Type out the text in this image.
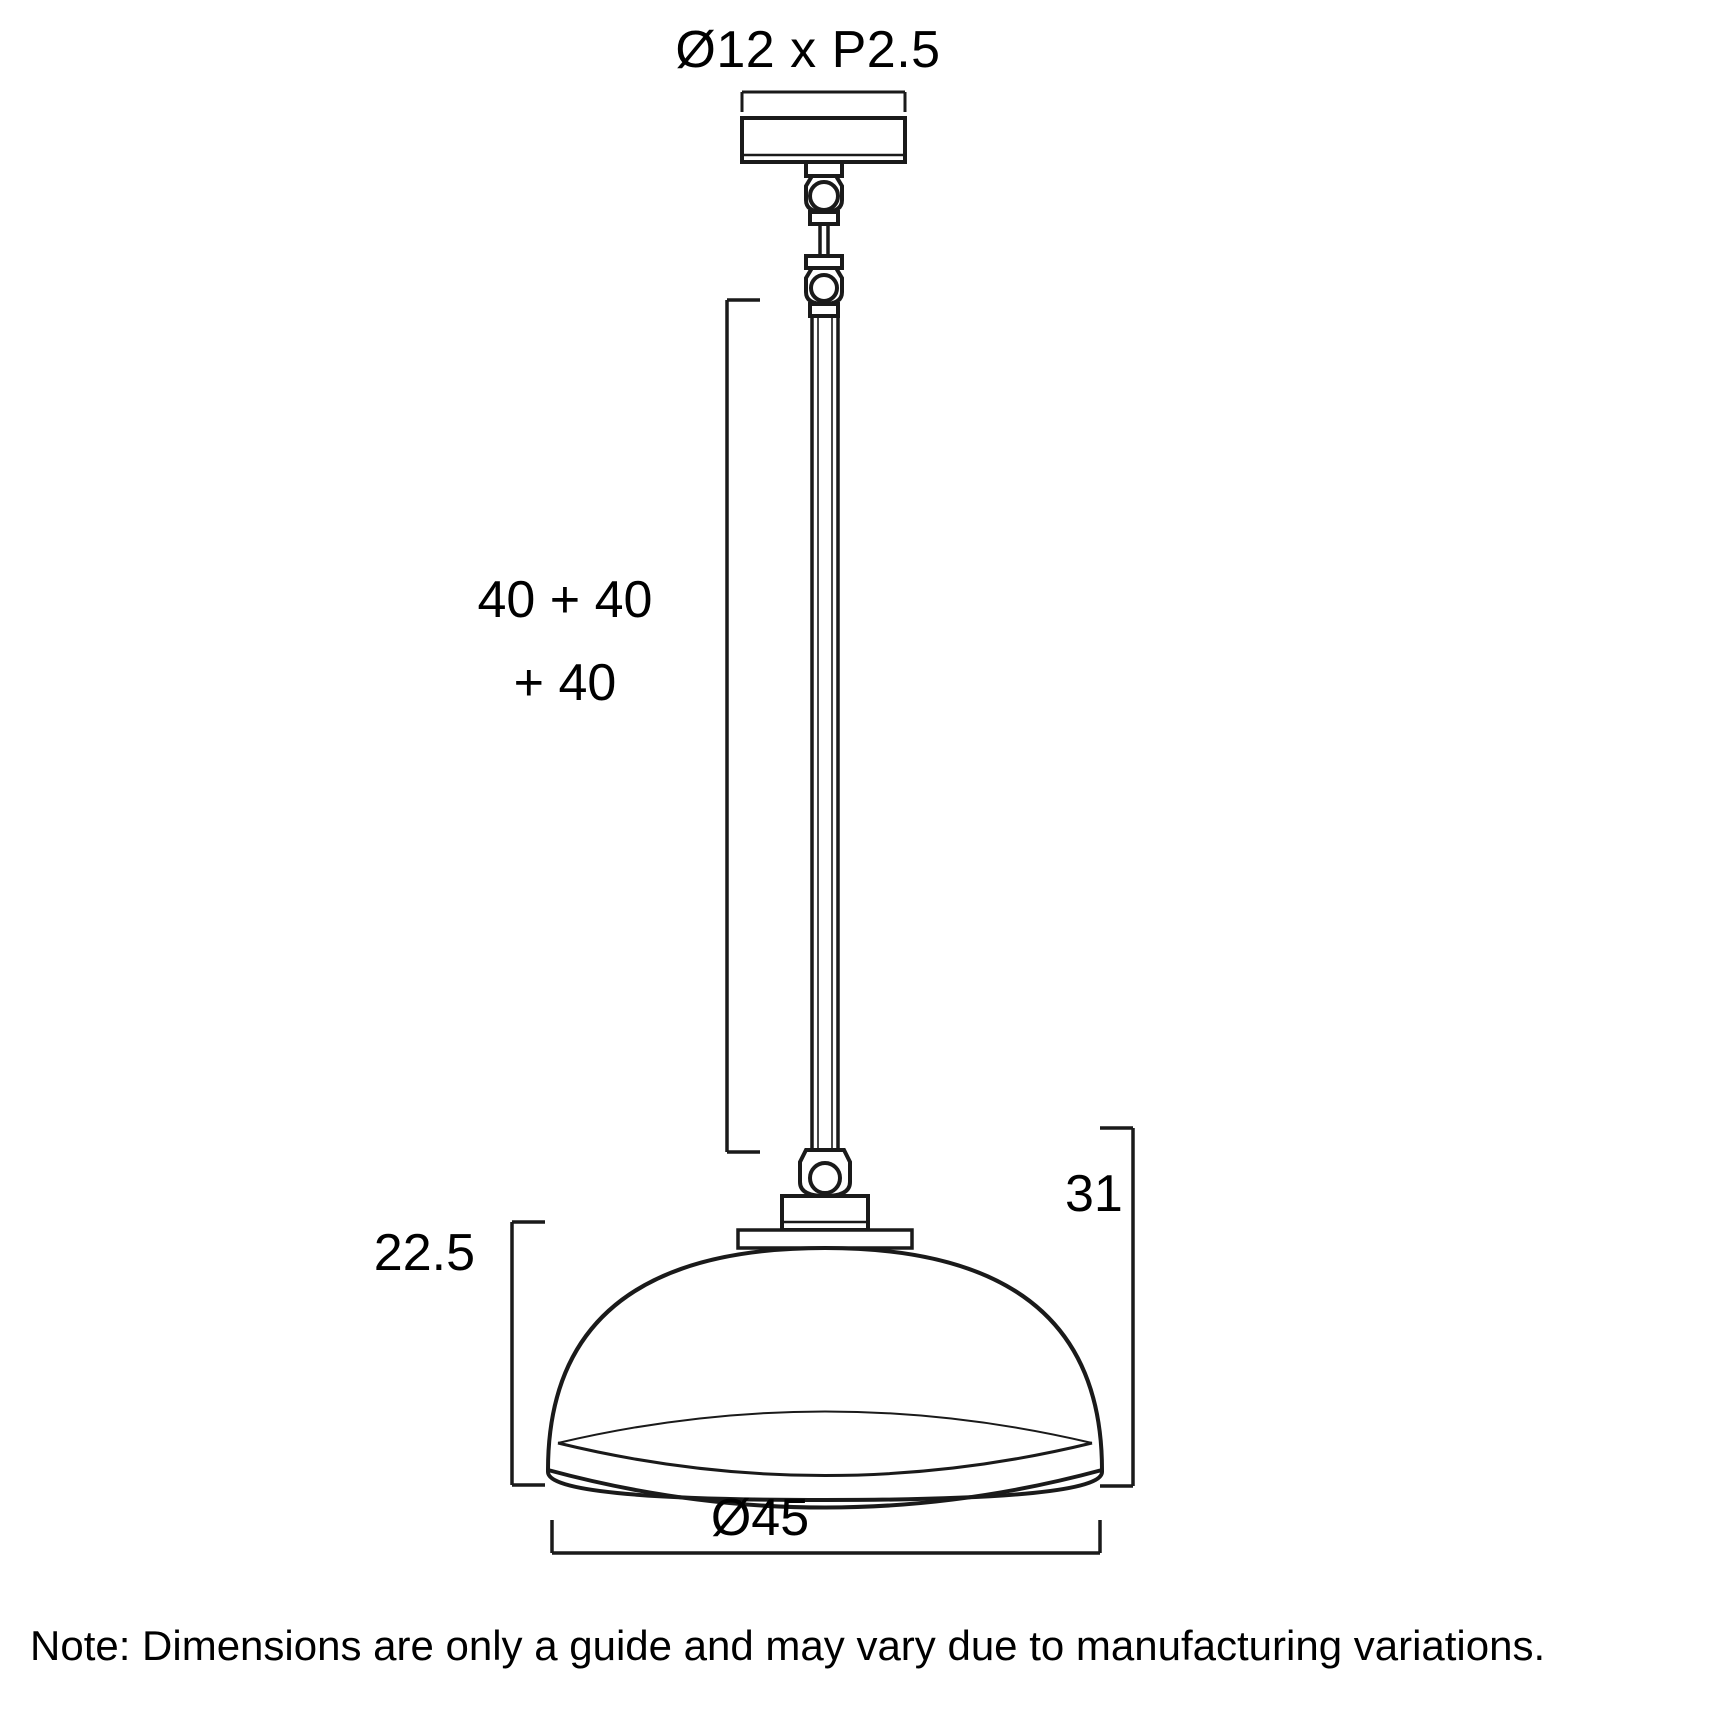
Ø12 x P2.5
40 + 40
+ 40
22.5
31
Ø45
Note: Dimensions are only a guide and may vary due to manufacturing variations.
